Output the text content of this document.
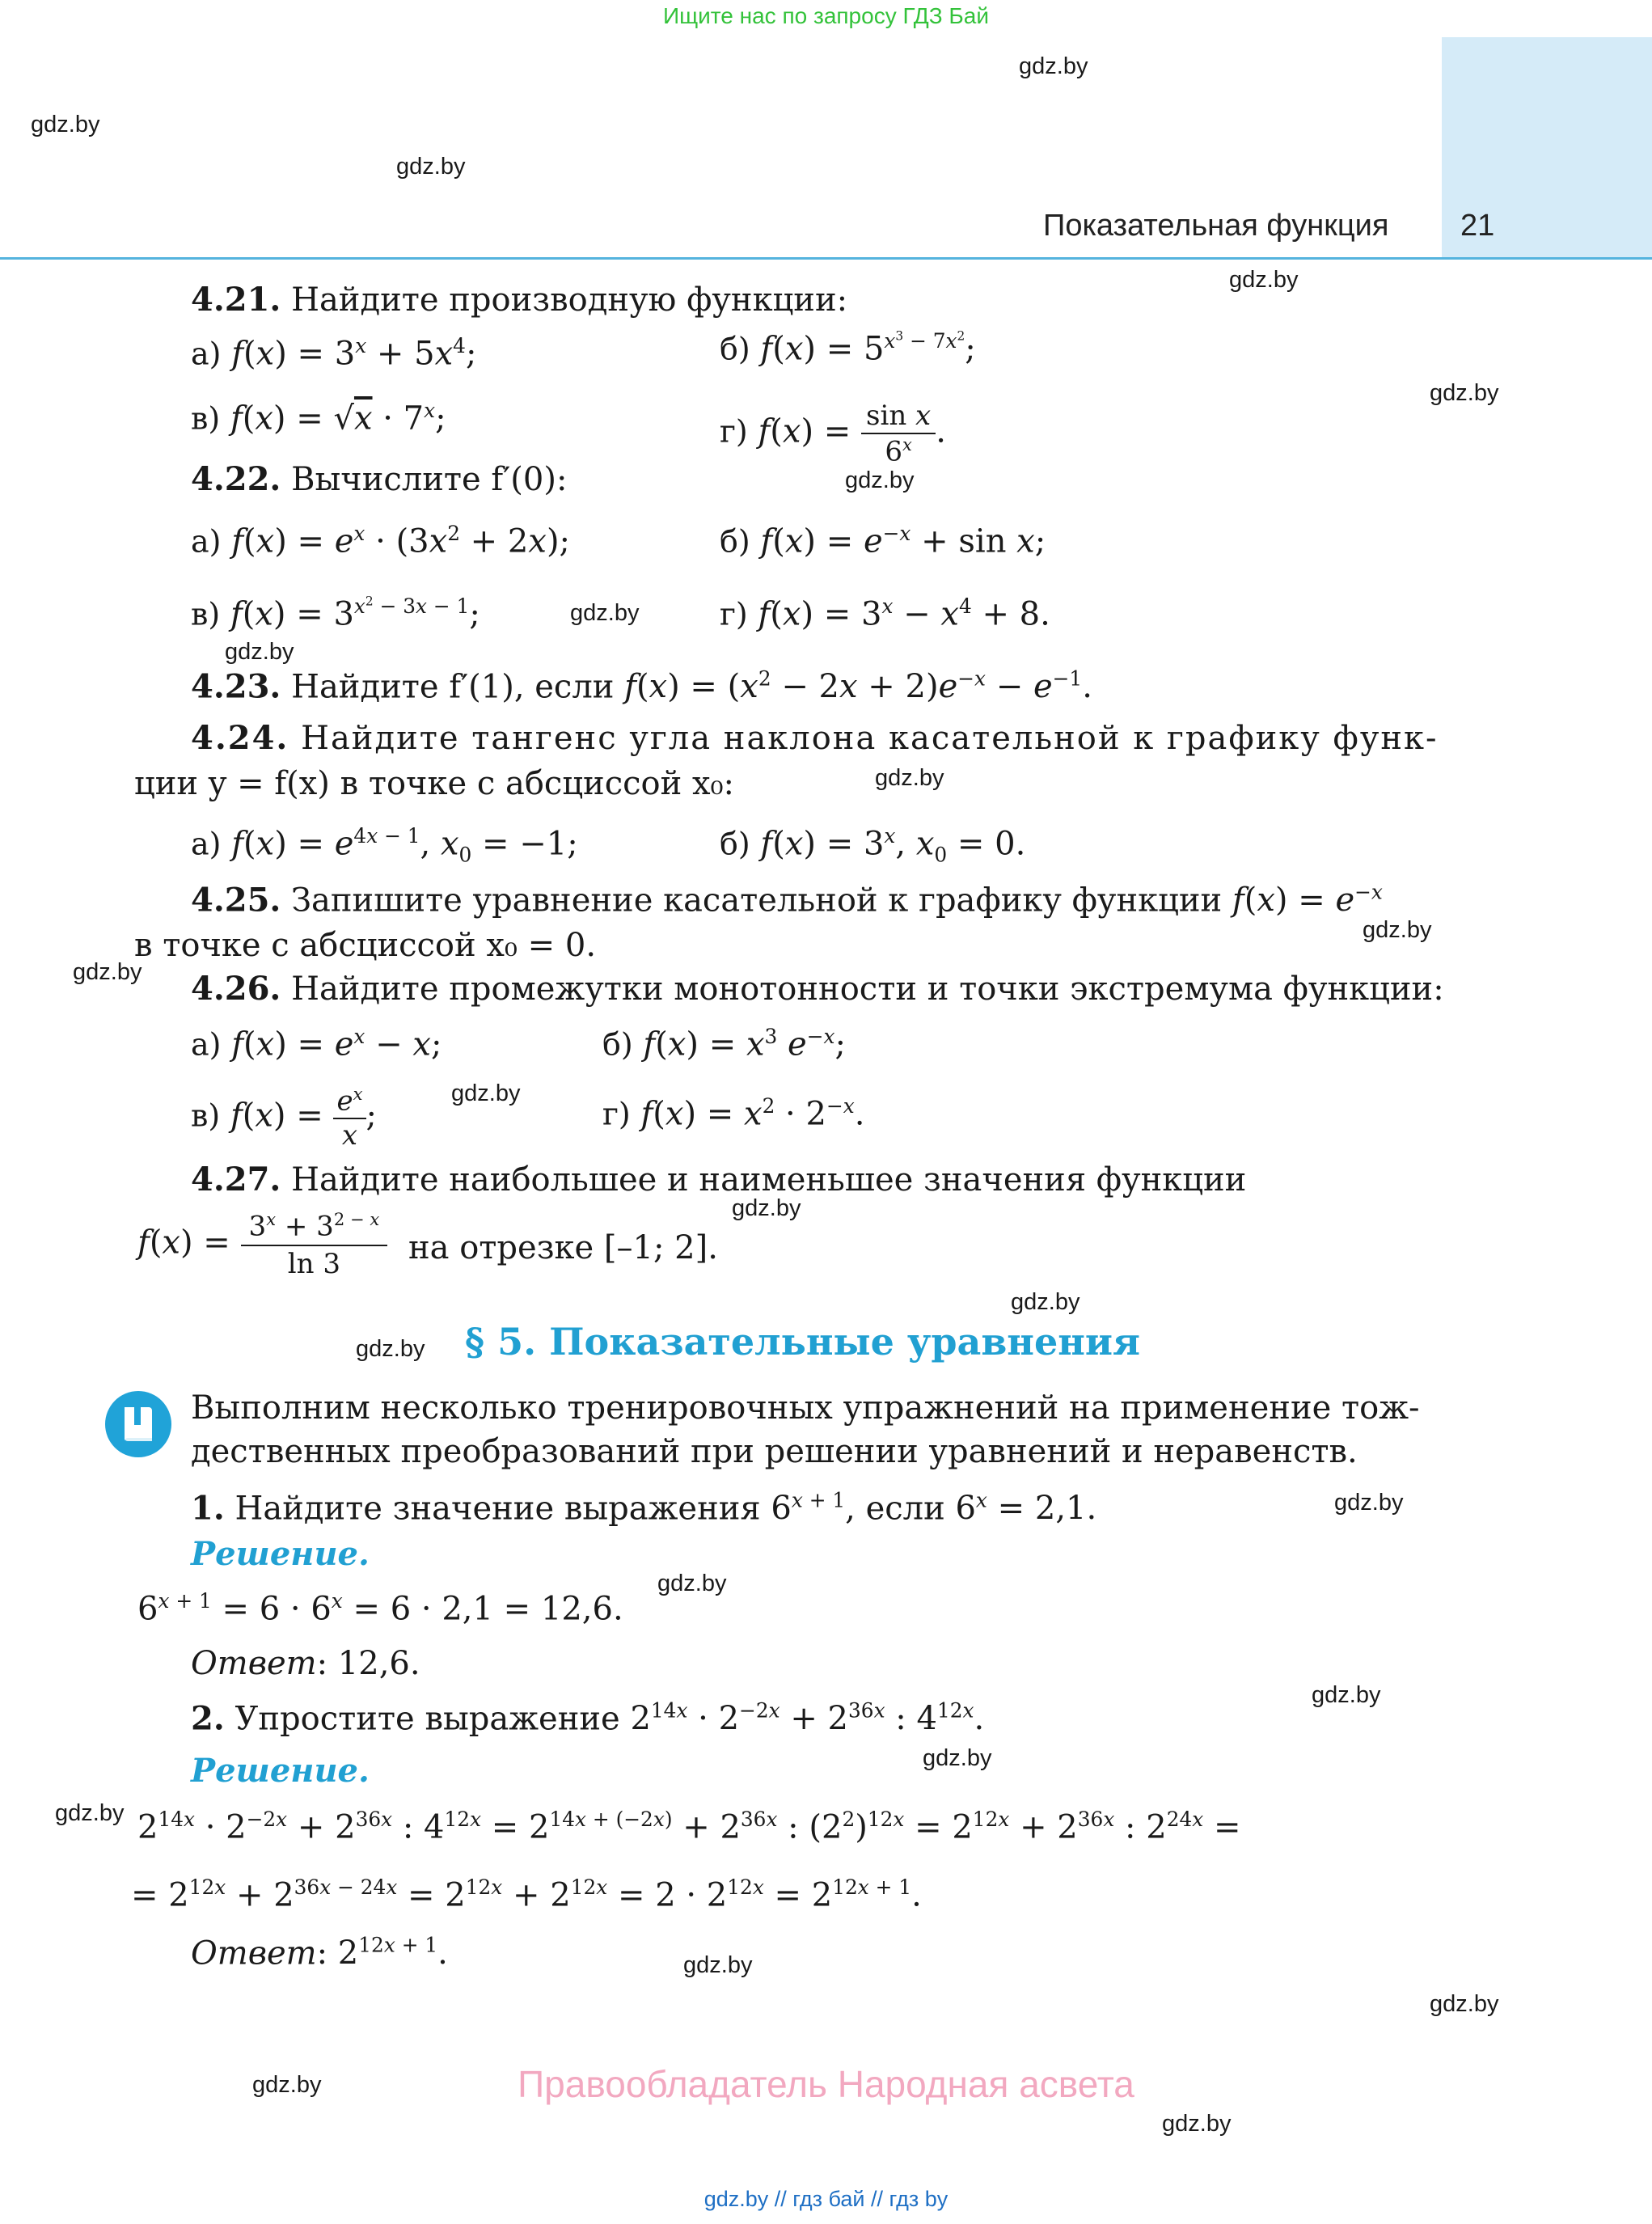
Ищите нас по запросу ГДЗ Бай
Показательная функция 21
gdz.by
gdz.by
gdz.by
gdz.by
gdz.by
gdz.by
gdz.by
gdz.by
gdz.by
gdz.by
gdz.by
gdz.by
gdz.by
gdz.by
gdz.by
gdz.by
gdz.by
gdz.by
gdz.by
gdz.by
gdz.by
gdz.by
gdz.by
gdz.by
4.21. Найдите производную функции:
а) $f(x) = 3^x + 5x^4$;	б) $f(x) = 5^{x^3 - 7x^2}$;
в) $f(x) = √x \cdot 7^x$;	г) $f(x) = \frac{\text{sin x}}{6^x}$ .
4.22. Вычислите f′(0):
а) $f(x) = e^x \cdot (3x^2 + 2x)$;	б) $f(x) = e^{-x} + \sin x$;
в) $f(x) = 3^{x^2 - 3x - 1}$;	г) $f(x) = 3^x - x^4 + 8$.
4.23. Найдите f′(1), если $f(x) = (x^2 - 2x + 2)e^{-x} - e^{-1}$.
4.24. Найдите тангенс угла наклона касательной к графику функ-
ции y = f(x) в точке с абсциссой x₀:
а) $f(x) = e^{4x - 1}$, $x_0 = -1$;	б) $f(x) = 3^x$, $x_0 = 0$.
4.25. Запишите уравнение касательной к графику функции $f(x) = e^{-x}$
в точке с абсциссой x₀ = 0.
4.26. Найдите промежутки монотонности и точки экстремума функции:
а) $f(x) = e^x - x$;	б) $f(x) = x^3$ $e^{-x}$;
в) $f(x) = \frac{e^x}{x}$ ;	г) $f(x) = x^2 \cdot 2^{-x}$.
4.27. Найдите наибольшее и наименьшее значения функции
$f(x) = \frac{3^x + 3^{2 - x}}{\ln 3}$ на отрезке [–1; 2].
§ 5. Показательные уравнения
Выполним несколько тренировочных упражнений на применение тож-
дественных преобразований при решении уравнений и неравенств.
1. Найдите значение выражения $6^{x + 1}$, если $6^x = 2,1$.
Решение.
$6^{x + 1} = 6 \cdot 6^x = 6 \cdot 2,1 = 12,6$.
Ответ: 12,6.
2. Упростите выражение $2^{14x} \cdot 2^{-2x} + 2^{36x}$ : $4^{12x}$.
Решение.
$2^{14x} \cdot 2^{-2x} + 2^{36x}$ : $4^{12x} = 2^{14x + (-2x)} + 2^{36x}$ : $(2^2)^{12x} = 2^{12x} + 2^{36x}$ : $2^{24x}$ =
= $2^{12x} + 2^{36x - 24x} = 2^{12x} + 2^{12x} = 2 \cdot 2^{12x} = 2^{12x + 1}$.
Ответ: $2^{12x + 1}$.
Правообладатель Народная асвета
gdz.by // гдз бай // гдз by
